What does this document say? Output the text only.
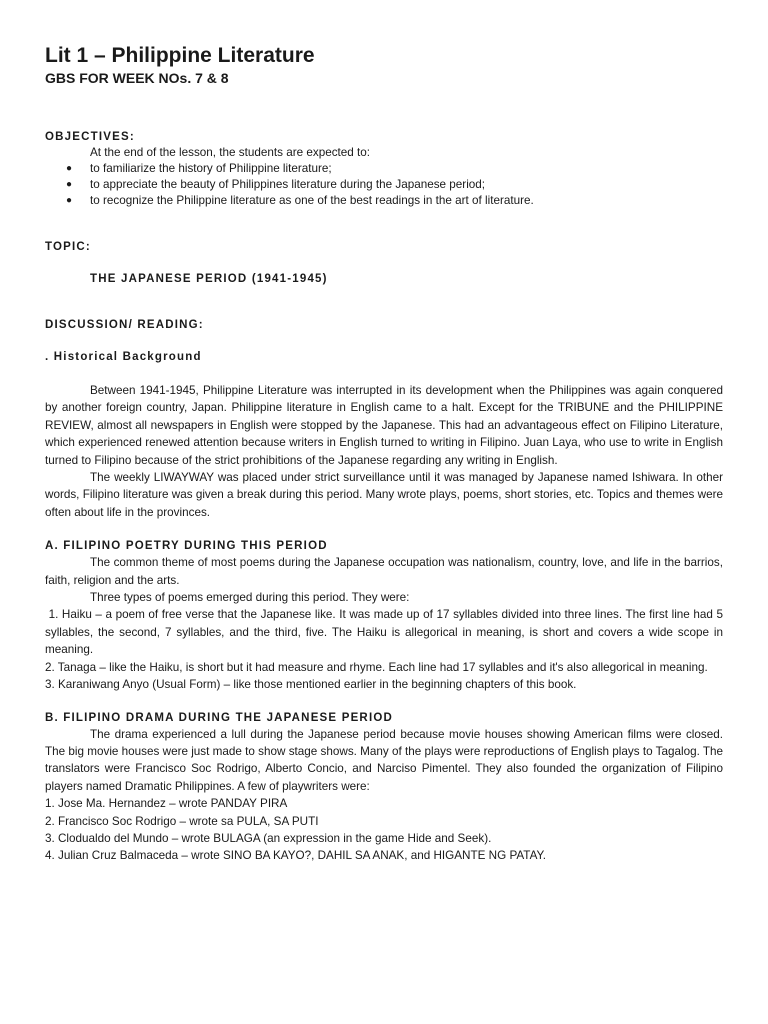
Lit 1 – Philippine Literature
GBS FOR WEEK NOs. 7 & 8
OBJECTIVES:
At the end of the lesson, the students are expected to:
● to familiarize the history of Philippine literature;
● to appreciate the beauty of Philippines literature during the Japanese period;
● to recognize the Philippine literature as one of the best readings in the art of literature.
TOPIC:
THE JAPANESE PERIOD (1941-1945)
DISCUSSION/ READING:
. Historical Background

Between 1941-1945, Philippine Literature was interrupted in its development when the Philippines was again conquered by another foreign country, Japan. Philippine literature in English came to a halt. Except for the TRIBUNE and the PHILIPPINE REVIEW, almost all newspapers in English were stopped by the Japanese. This had an advantageous effect on Filipino Literature, which experienced renewed attention because writers in English turned to writing in Filipino. Juan Laya, who use to write in English turned to Filipino because of the strict prohibitions of the Japanese regarding any writing in English.

The weekly LIWAYWAY was placed under strict surveillance until it was managed by Japanese named Ishiwara. In other words, Filipino literature was given a break during this period. Many wrote plays, poems, short stories, etc. Topics and themes were often about life in the provinces.

A. FILIPINO POETRY DURING THIS PERIOD

The common theme of most poems during the Japanese occupation was nationalism, country, love, and life in the barrios, faith, religion and the arts.

Three types of poems emerged during this period. They were:

1. Haiku – a poem of free verse that the Japanese like. It was made up of 17 syllables divided into three lines. The first line had 5 syllables, the second, 7 syllables, and the third, five. The Haiku is allegorical in meaning, is short and covers a wide scope in meaning.

2. Tanaga – like the Haiku, is short but it had measure and rhyme. Each line had 17 syllables and it's also allegorical in meaning.

3. Karaniwang Anyo (Usual Form) – like those mentioned earlier in the beginning chapters of this book.

B. FILIPINO DRAMA DURING THE JAPANESE PERIOD

The drama experienced a lull during the Japanese period because movie houses showing American films were closed. The big movie houses were just made to show stage shows. Many of the plays were reproductions of English plays to Tagalog. The translators were Francisco Soc Rodrigo, Alberto Concio, and Narciso Pimentel. They also founded the organization of Filipino players named Dramatic Philippines. A few of playwriters were:

1. Jose Ma. Hernandez – wrote PANDAY PIRA

2. Francisco Soc Rodrigo – wrote sa PULA, SA PUTI

3. Clodualdo del Mundo – wrote BULAGA (an expression in the game Hide and Seek).

4. Julian Cruz Balmaceda – wrote SINO BA KAYO?, DAHIL SA ANAK, and HIGANTE NG PATAY.
